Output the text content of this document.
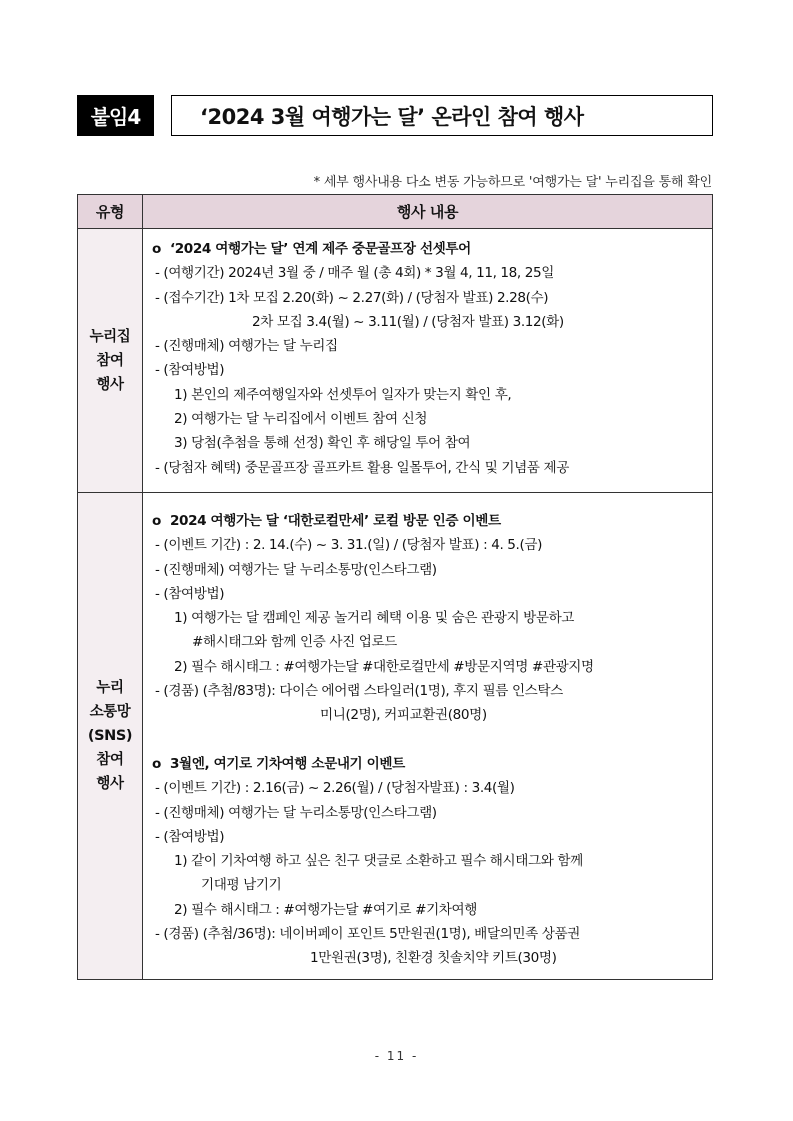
붙임4	‘2024 3월 여행가는 달’ 온라인 참여 행사
* 세부 행사내용 다소 변동 가능하므로 '여행가는 달' 누리집을 통해 확인
유형	행사 내용

누리집
참여
행사

o ‘2024 여행가는 달’ 연계 제주 중문골프장 선셋투어
- (여행기간) 2024년 3월 중 / 매주 월 (총 4회) * 3월 4, 11, 18, 25일
- (접수기간) 1차 모집 2.20(화) ~ 2.27(화) / (당첨자 발표) 2.28(수)
2차 모집 3.4(월) ~ 3.11(월) / (당첨자 발표) 3.12(화)
- (진행매체) 여행가는 달 누리집
- (참여방법)
1) 본인의 제주여행일자와 선셋투어 일자가 맞는지 확인 후,
2) 여행가는 달 누리집에서 이벤트 참여 신청
3) 당첨(추첨을 통해 선정) 확인 후 해당일 투어 참여
- (당첨자 혜택) 중문골프장 골프카트 활용 일몰투어, 간식 및 기념품 제공

누리
소통망
(SNS)
참여
행사

o 2024 여행가는 달 ‘대한로컬만세’ 로컬 방문 인증 이벤트
- (이벤트 기간) : 2. 14.(수) ~ 3. 31.(일) / (당첨자 발표) : 4. 5.(금)
- (진행매체) 여행가는 달 누리소통망(인스타그램)
- (참여방법)
1) 여행가는 달 캠페인 제공 놀거리 혜택 이용 및 숨은 관광지 방문하고
#해시태그와 함께 인증 사진 업로드
2) 필수 해시태그 : #여행가는달 #대한로컬만세 #방문지역명 #관광지명
- (경품) (추첨/83명): 다이슨 에어랩 스타일러(1명), 후지 필름 인스탁스
미니(2명), 커피교환권(80명)
o 3월엔, 여기로 기차여행 소문내기 이벤트
- (이벤트 기간) : 2.16(금) ~ 2.26(월) / (당첨자발표) : 3.4(월)
- (진행매체) 여행가는 달 누리소통망(인스타그램)
- (참여방법)
1) 같이 기차여행 하고 싶은 친구 댓글로 소환하고 필수 해시태그와 함께
기대평 남기기
2) 필수 해시태그 : #여행가는달 #여기로 #기차여행
- (경품) (추첨/36명): 네이버페이 포인트 5만원권(1명), 배달의민족 상품권
1만원권(3명), 친환경 칫솔치약 키트(30명)
- 11 -
